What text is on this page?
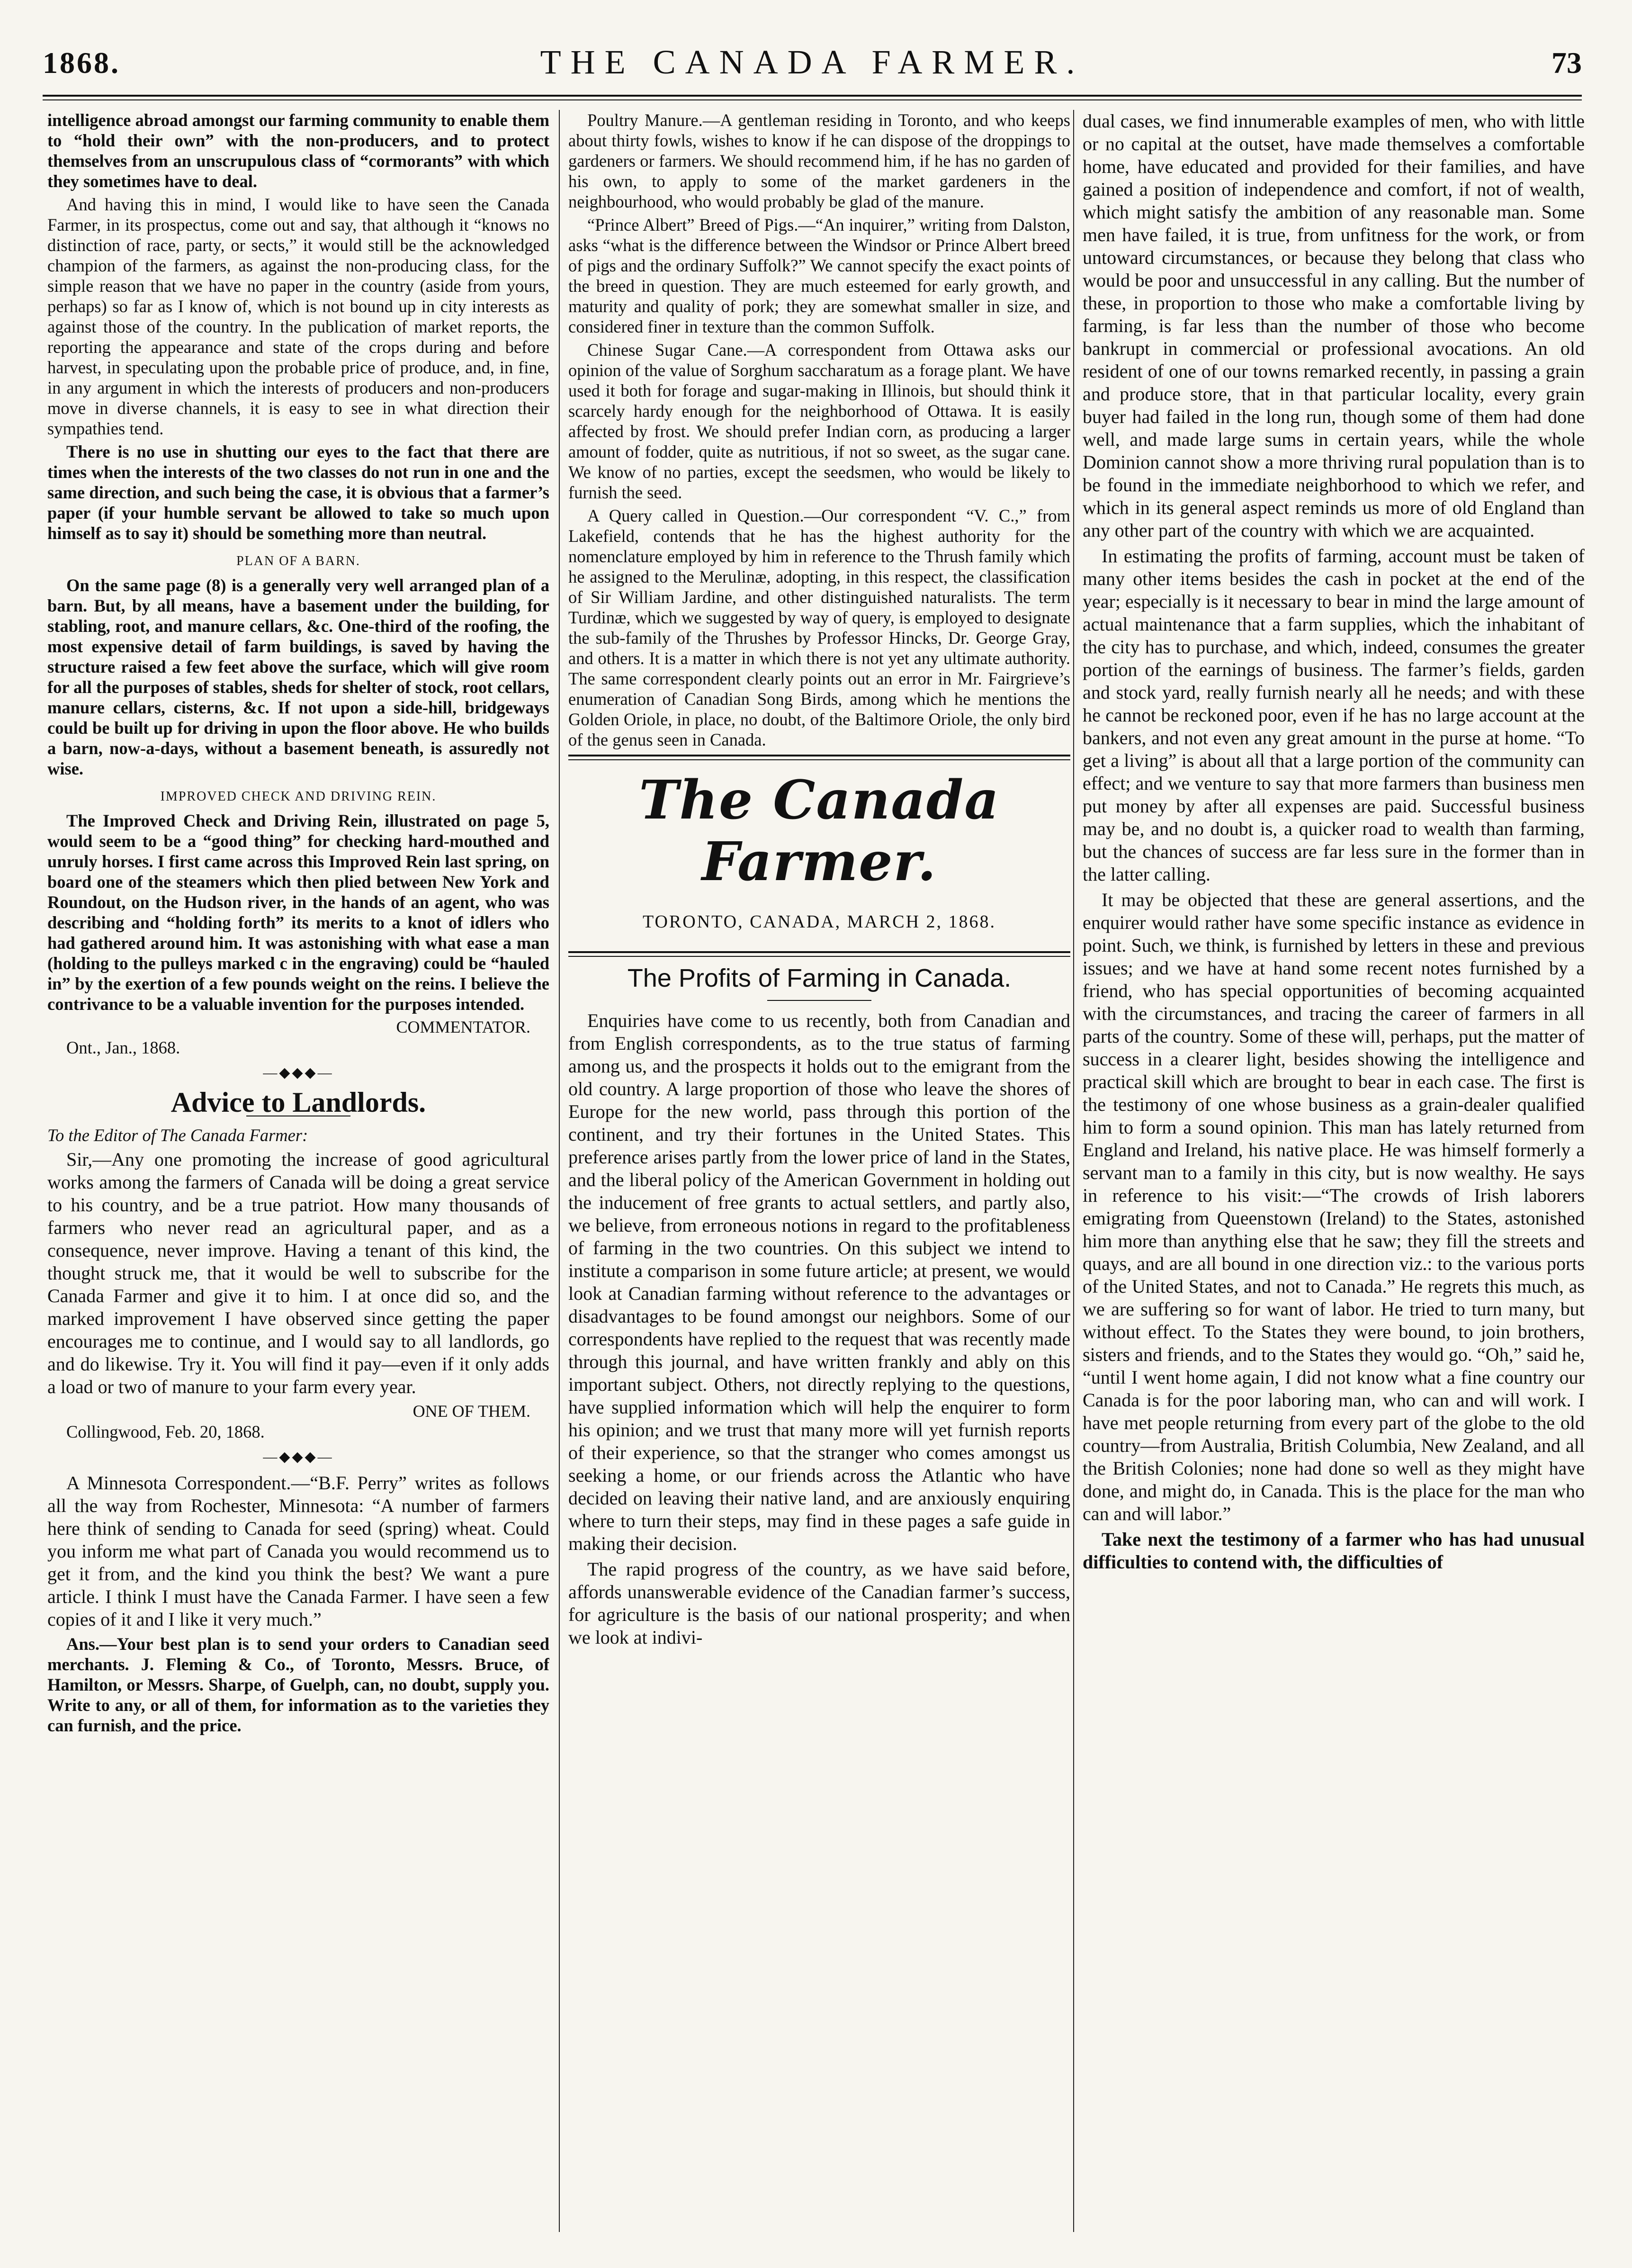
1868.	THE CANADA FARMER.	73

intelligence abroad amongst our farming community to enable them to “hold their own” with the non-producers, and to protect themselves from an unscrupulous class of “cormorants” with which they sometimes have to deal.

And having this in mind, I would like to have seen the Canada Farmer, in its prospectus, come out and say, that although it “knows no distinction of race, party, or sects,” it would still be the acknowledged champion of the farmers, as against the non-producing class, for the simple reason that we have no paper in the country (aside from yours, perhaps) so far as I know of, which is not bound up in city interests as against those of the country. In the publication of market reports, the reporting the appearance and state of the crops during and before harvest, in speculating upon the probable price of produce, and, in fine, in any argument in which the interests of producers and non-producers move in diverse channels, it is easy to see in what direction their sympathies tend.

There is no use in shutting our eyes to the fact that there are times when the interests of the two classes do not run in one and the same direction, and such being the case, it is obvious that a farmer’s paper (if your humble servant be allowed to take so much upon himself as to say it) should be something more than neutral.

PLAN OF A BARN.

On the same page (8) is a generally very well arranged plan of a barn. But, by all means, have a basement under the building, for stabling, root, and manure cellars, &c. One-third of the roofing, the most expensive detail of farm buildings, is saved by having the structure raised a few feet above the surface, which will give room for all the purposes of stables, sheds for shelter of stock, root cellars, manure cellars, cisterns, &c. If not upon a side-hill, bridgeways could be built up for driving in upon the floor above. He who builds a barn, now-a-days, without a basement beneath, is assuredly not wise.

IMPROVED CHECK AND DRIVING REIN.

The Improved Check and Driving Rein, illustrated on page 5, would seem to be a “good thing” for checking hard-mouthed and unruly horses. I first came across this Improved Rein last spring, on board one of the steamers which then plied between New York and Roundout, on the Hudson river, in the hands of an agent, who was describing and “holding forth” its merits to a knot of idlers who had gathered around him. It was astonishing with what ease a man (holding to the pulleys marked c in the engraving) could be “hauled in” by the exertion of a few pounds weight on the reins. I believe the contrivance to be a valuable invention for the purposes intended.

COMMENTATOR.

Ont., Jan., 1868.

—◆◆◆—
Advice to Landlords.

To the Editor of The Canada Farmer:

Sir,—Any one promoting the increase of good agricultural works among the farmers of Canada will be doing a great service to his country, and be a true patriot. How many thousands of farmers who never read an agricultural paper, and as a consequence, never improve. Having a tenant of this kind, the thought struck me, that it would be well to subscribe for the Canada Farmer and give it to him. I at once did so, and the marked improvement I have observed since getting the paper encourages me to continue, and I would say to all landlords, go and do likewise. Try it. You will find it pay—even if it only adds a load or two of manure to your farm every year.

ONE OF THEM.

Collingwood, Feb. 20, 1868.

—◆◆◆—

A Minnesota Correspondent.—“B.F. Perry” writes as follows all the way from Rochester, Minnesota: “A number of farmers here think of sending to Canada for seed (spring) wheat. Could you inform me what part of Canada you would recommend us to get it from, and the kind you think the best? We want a pure article. I think I must have the Canada Farmer. I have seen a few copies of it and I like it very much.”

Ans.—Your best plan is to send your orders to Canadian seed merchants. J. Fleming & Co., of Toronto, Messrs. Bruce, of Hamilton, or Messrs. Sharpe, of Guelph, can, no doubt, supply you. Write to any, or all of them, for information as to the varieties they can furnish, and the price.

Poultry Manure.—A gentleman residing in Toronto, and who keeps about thirty fowls, wishes to know if he can dispose of the droppings to gardeners or farmers. We should recommend him, if he has no garden of his own, to apply to some of the market gardeners in the neighbourhood, who would probably be glad of the manure.

“Prince Albert” Breed of Pigs.—“An inquirer,” writing from Dalston, asks “what is the difference between the Windsor or Prince Albert breed of pigs and the ordinary Suffolk?” We cannot specify the exact points of the breed in question. They are much esteemed for early growth, and maturity and quality of pork; they are somewhat smaller in size, and considered finer in texture than the common Suffolk.

Chinese Sugar Cane.—A correspondent from Ottawa asks our opinion of the value of Sorghum saccharatum as a forage plant. We have used it both for forage and sugar-making in Illinois, but should think it scarcely hardy enough for the neighborhood of Ottawa. It is easily affected by frost. We should prefer Indian corn, as producing a larger amount of fodder, quite as nutritious, if not so sweet, as the sugar cane. We know of no parties, except the seedsmen, who would be likely to furnish the seed.

A Query called in Question.—Our correspondent “V. C.,” from Lakefield, contends that he has the highest authority for the nomenclature employed by him in reference to the Thrush family which he assigned to the Merulinæ, adopting, in this respect, the classification of Sir William Jardine, and other distinguished naturalists. The term Turdinæ, which we suggested by way of query, is employed to designate the sub-family of the Thrushes by Professor Hincks, Dr. George Gray, and others. It is a matter in which there is not yet any ultimate authority. The same correspondent clearly points out an error in Mr. Fairgrieve’s enumeration of Canadian Song Birds, among which he mentions the Golden Oriole, in place, no doubt, of the Baltimore Oriole, the only bird of the genus seen in Canada.

The Canada Farmer.
TORONTO, CANADA, MARCH 2, 1868.
The Profits of Farming in Canada.

Enquiries have come to us recently, both from Canadian and from English correspondents, as to the true status of farming among us, and the prospects it holds out to the emigrant from the old country. A large proportion of those who leave the shores of Europe for the new world, pass through this portion of the continent, and try their fortunes in the United States. This preference arises partly from the lower price of land in the States, and the liberal policy of the American Government in holding out the inducement of free grants to actual settlers, and partly also, we believe, from erroneous notions in regard to the profitableness of farming in the two countries. On this subject we intend to institute a comparison in some future article; at present, we would look at Canadian farming without reference to the advantages or disadvantages to be found amongst our neighbors. Some of our correspondents have replied to the request that was recently made through this journal, and have written frankly and ably on this important subject. Others, not directly replying to the questions, have supplied information which will help the enquirer to form his opinion; and we trust that many more will yet furnish reports of their experience, so that the stranger who comes amongst us seeking a home, or our friends across the Atlantic who have decided on leaving their native land, and are anxiously enquiring where to turn their steps, may find in these pages a safe guide in making their decision.

The rapid progress of the country, as we have said before, affords unanswerable evidence of the Canadian farmer’s success, for agriculture is the basis of our national prosperity; and when we look at indivi-

dual cases, we find innumerable examples of men, who with little or no capital at the outset, have made themselves a comfortable home, have educated and provided for their families, and have gained a position of independence and comfort, if not of wealth, which might satisfy the ambition of any reasonable man. Some men have failed, it is true, from unfitness for the work, or from untoward circumstances, or because they belong that class who would be poor and unsuccessful in any calling. But the number of these, in proportion to those who make a comfortable living by farming, is far less than the number of those who become bankrupt in commercial or professional avocations. An old resident of one of our towns remarked recently, in passing a grain and produce store, that in that particular locality, every grain buyer had failed in the long run, though some of them had done well, and made large sums in certain years, while the whole Dominion cannot show a more thriving rural population than is to be found in the immediate neighborhood to which we refer, and which in its general aspect reminds us more of old England than any other part of the country with which we are acquainted.

In estimating the profits of farming, account must be taken of many other items besides the cash in pocket at the end of the year; especially is it necessary to bear in mind the large amount of actual maintenance that a farm supplies, which the inhabitant of the city has to purchase, and which, indeed, consumes the greater portion of the earnings of business. The farmer’s fields, garden and stock yard, really furnish nearly all he needs; and with these he cannot be reckoned poor, even if he has no large account at the bankers, and not even any great amount in the purse at home. “To get a living” is about all that a large portion of the community can effect; and we venture to say that more farmers than business men put money by after all expenses are paid. Successful business may be, and no doubt is, a quicker road to wealth than farming, but the chances of success are far less sure in the former than in the latter calling.

It may be objected that these are general assertions, and the enquirer would rather have some specific instance as evidence in point. Such, we think, is furnished by letters in these and previous issues; and we have at hand some recent notes furnished by a friend, who has special opportunities of becoming acquainted with the circumstances, and tracing the career of farmers in all parts of the country. Some of these will, perhaps, put the matter of success in a clearer light, besides showing the intelligence and practical skill which are brought to bear in each case. The first is the testimony of one whose business as a grain-dealer qualified him to form a sound opinion. This man has lately returned from England and Ireland, his native place. He was himself formerly a servant man to a family in this city, but is now wealthy. He says in reference to his visit:—“The crowds of Irish laborers emigrating from Queenstown (Ireland) to the States, astonished him more than anything else that he saw; they fill the streets and quays, and are all bound in one direction viz.: to the various ports of the United States, and not to Canada.” He regrets this much, as we are suffering so for want of labor. He tried to turn many, but without effect. To the States they were bound, to join brothers, sisters and friends, and to the States they would go. “Oh,” said he, “until I went home again, I did not know what a fine country our Canada is for the poor laboring man, who can and will work. I have met people returning from every part of the globe to the old country—from Australia, British Columbia, New Zealand, and all the British Colonies; none had done so well as they might have done, and might do, in Canada. This is the place for the man who can and will labor.”

Take next the testimony of a farmer who has had unusual difficulties to contend with, the difficulties of
